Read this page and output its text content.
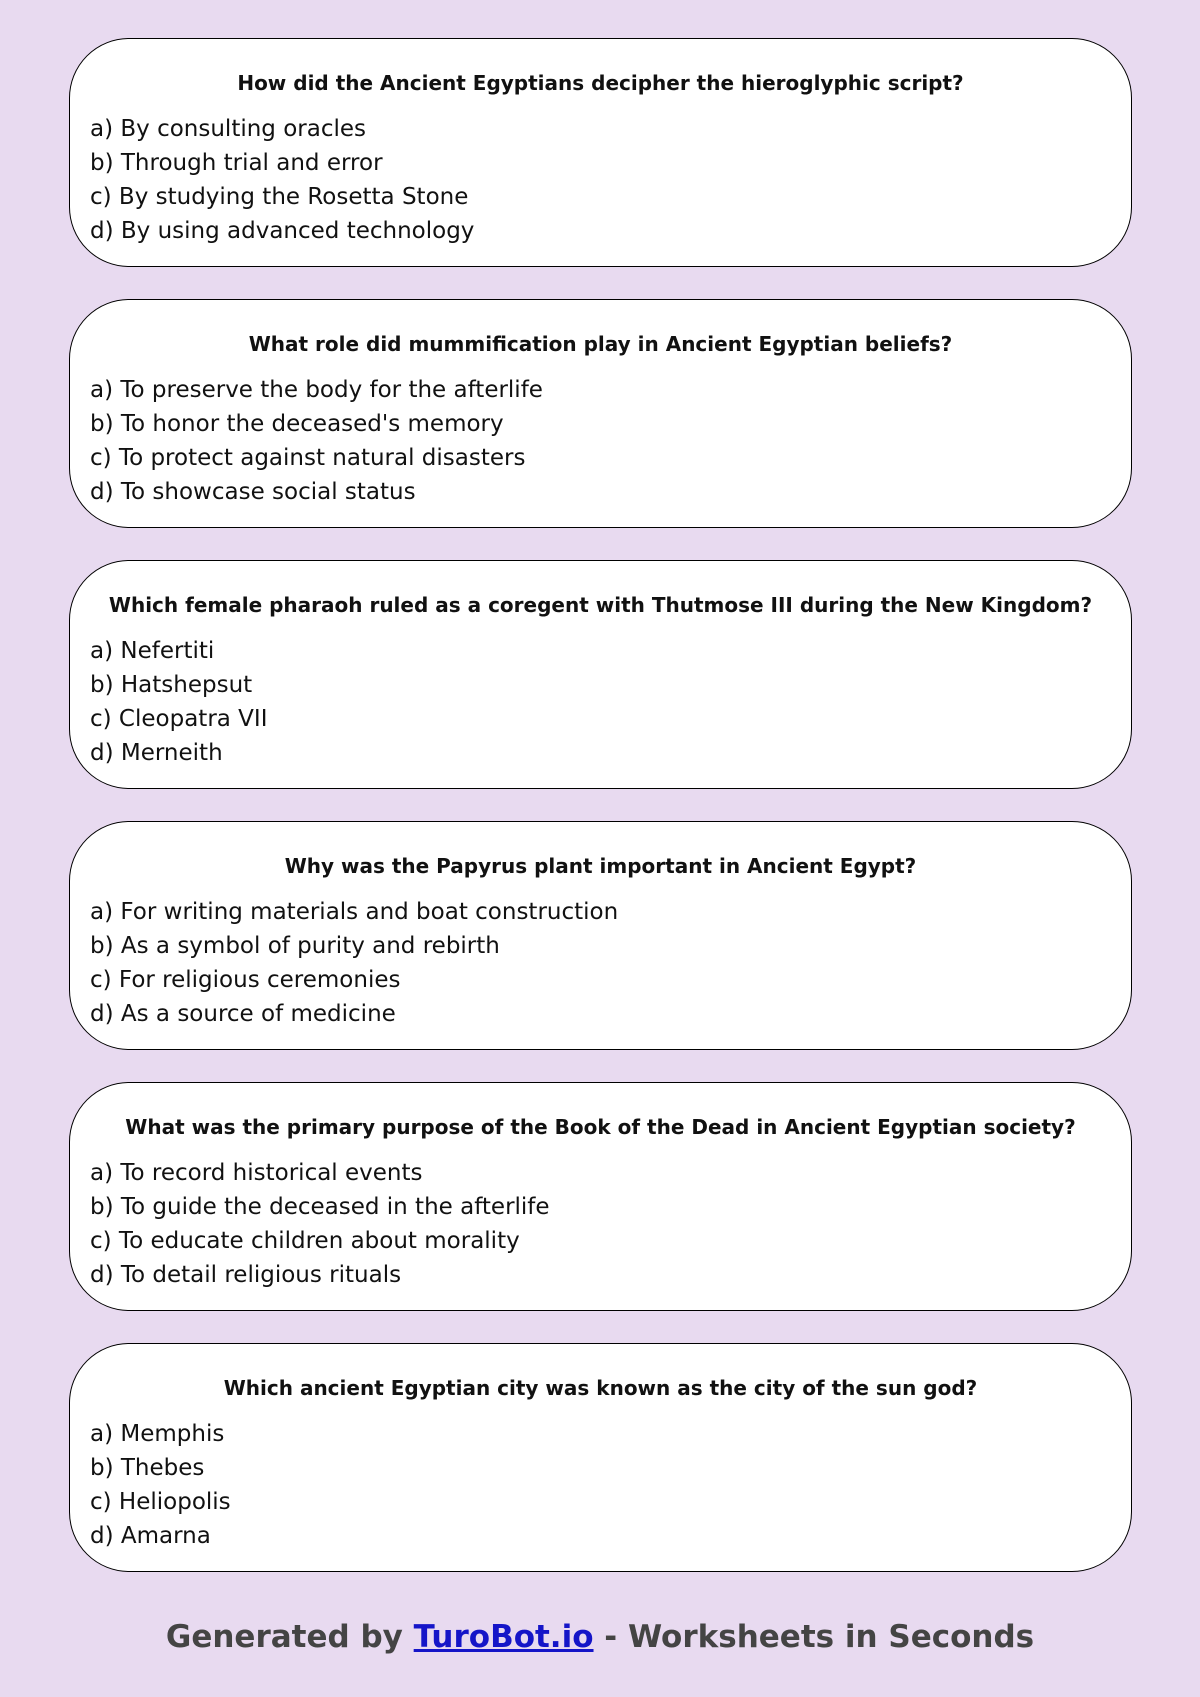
How did the Ancient Egyptians decipher the hieroglyphic script?
a) By consulting oracles
b) Through trial and error
c) By studying the Rosetta Stone
d) By using advanced technology
What role did mummification play in Ancient Egyptian beliefs?
a) To preserve the body for the afterlife
b) To honor the deceased's memory
c) To protect against natural disasters
d) To showcase social status
Which female pharaoh ruled as a coregent with Thutmose III during the New Kingdom?
a) Nefertiti
b) Hatshepsut
c) Cleopatra VII
d) Merneith
Why was the Papyrus plant important in Ancient Egypt?
a) For writing materials and boat construction
b) As a symbol of purity and rebirth
c) For religious ceremonies
d) As a source of medicine
What was the primary purpose of the Book of the Dead in Ancient Egyptian society?
a) To record historical events
b) To guide the deceased in the afterlife
c) To educate children about morality
d) To detail religious rituals
Which ancient Egyptian city was known as the city of the sun god?
a) Memphis
b) Thebes
c) Heliopolis
d) Amarna
Generated by TuroBot.io - Worksheets in Seconds
